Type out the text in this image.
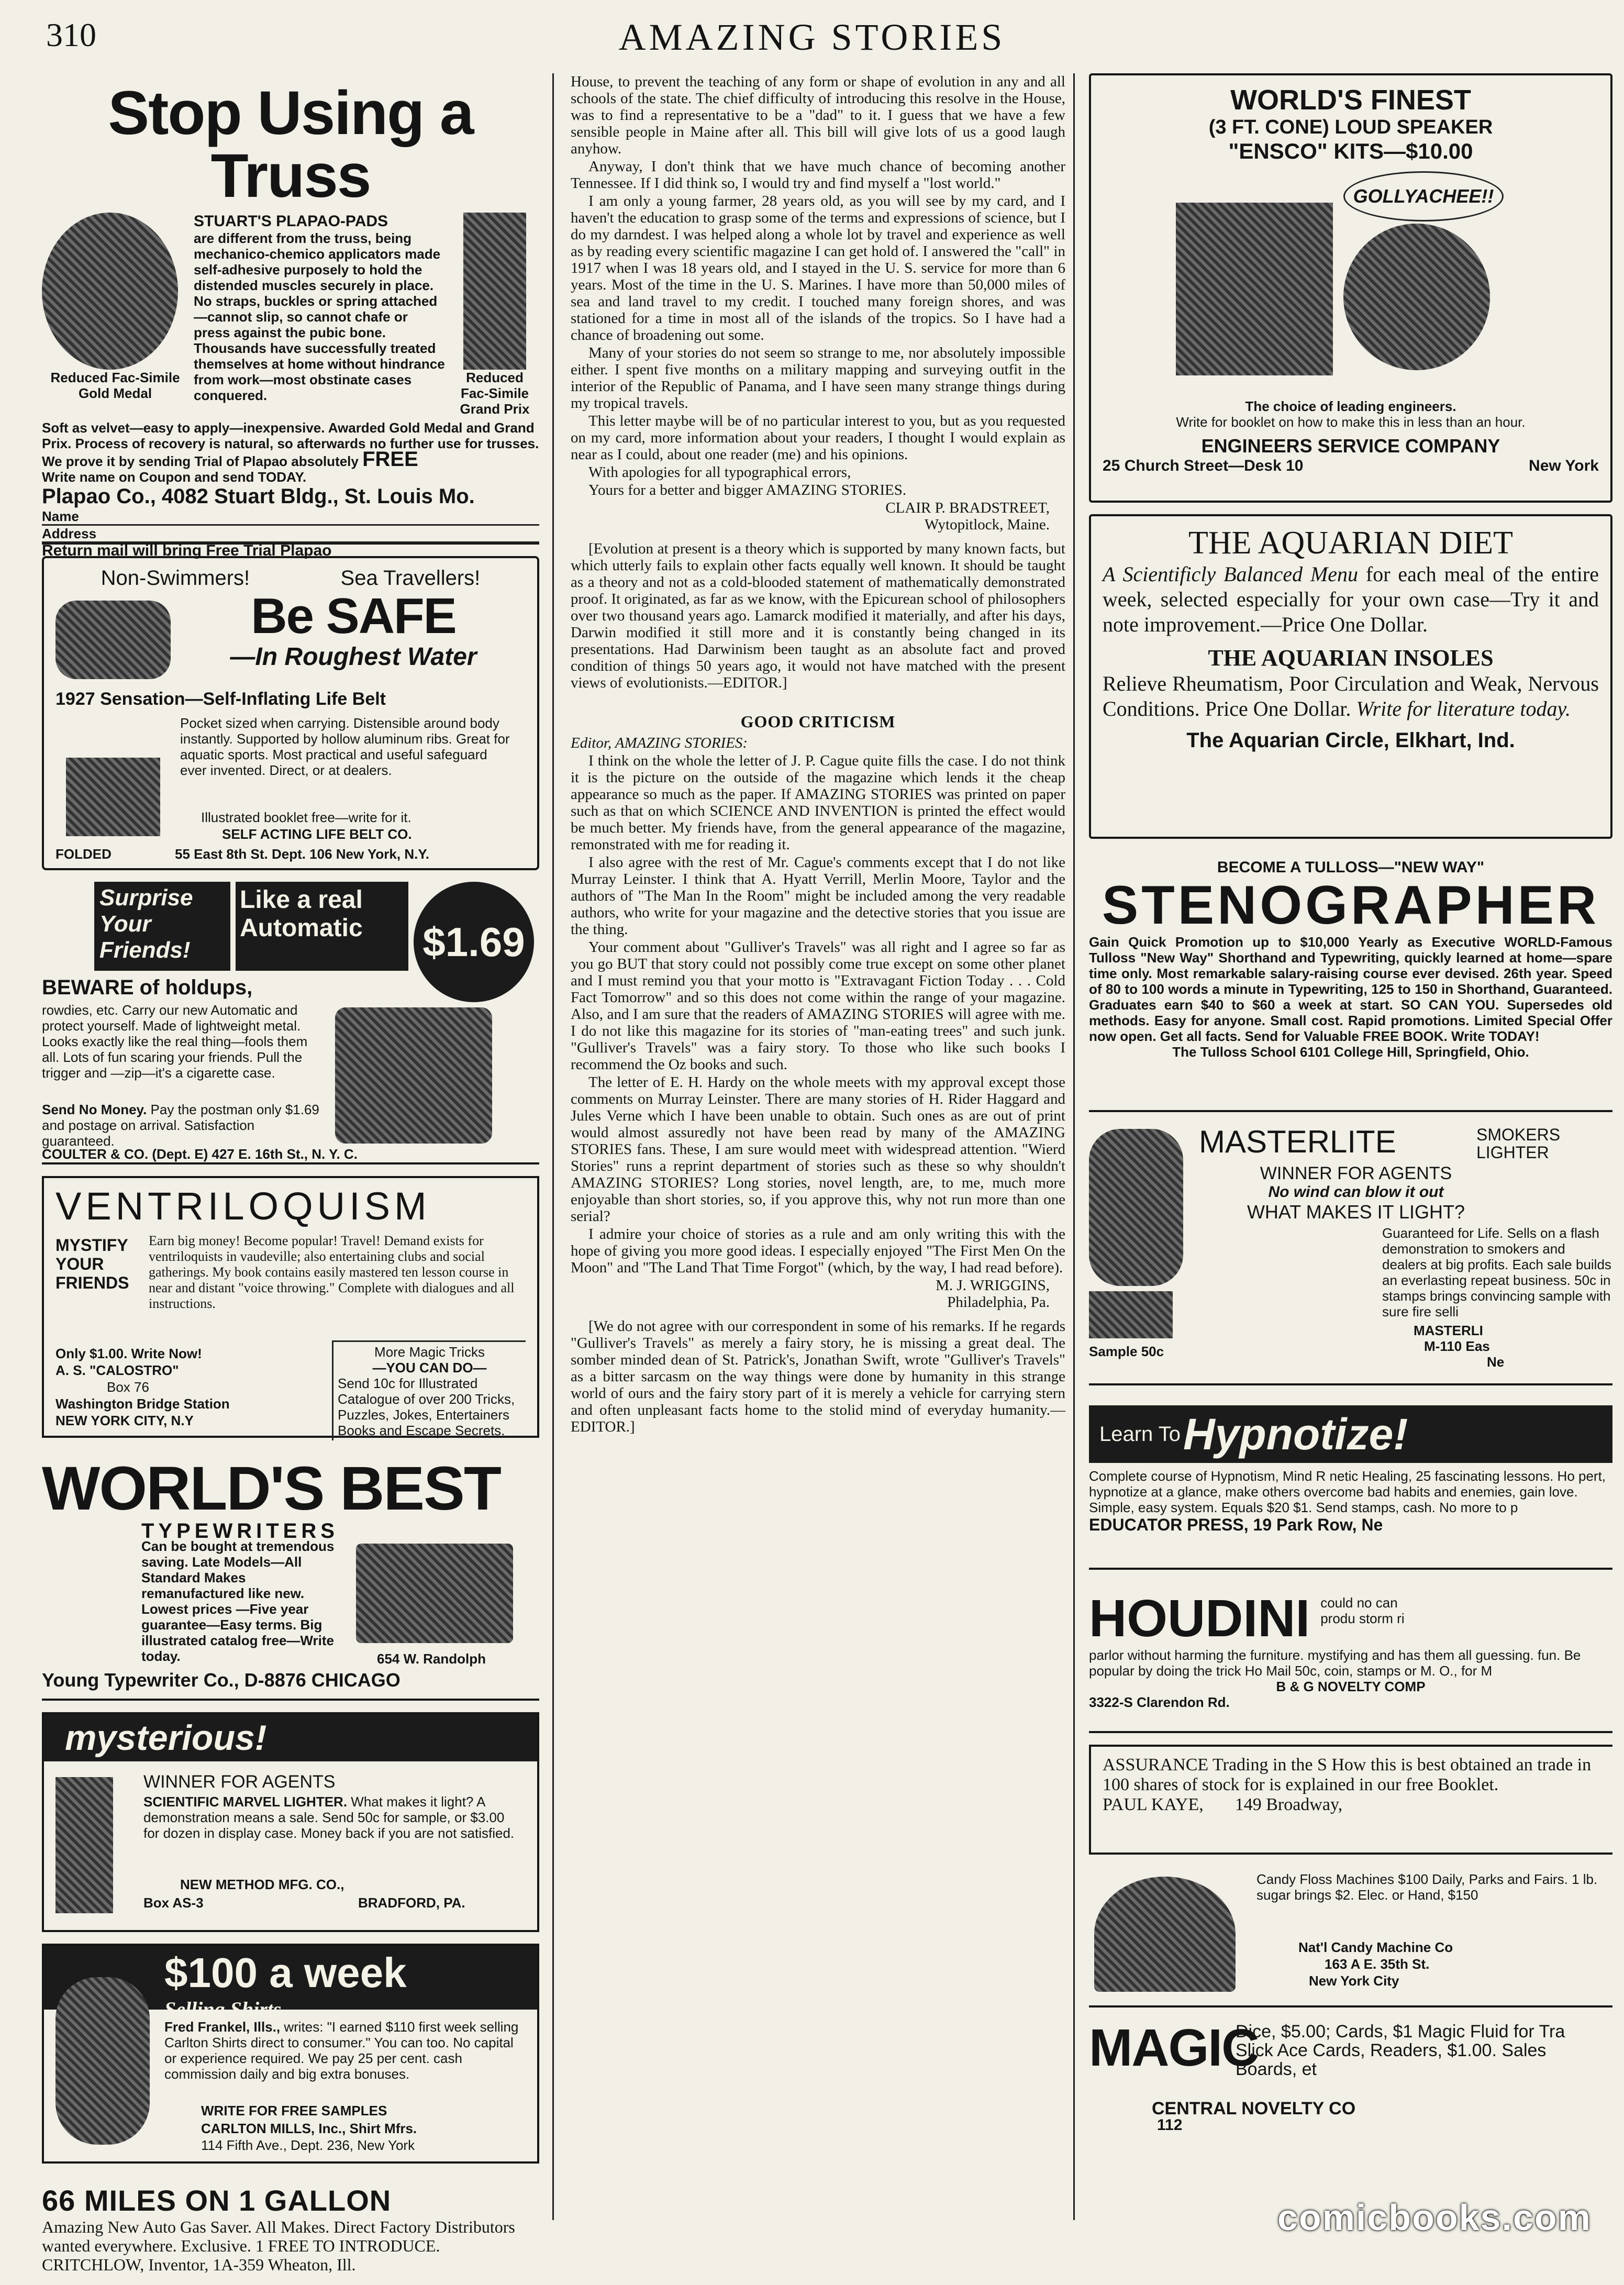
310	AMAZING STORIES
Stop Using a Truss
Reduced Fac-Simile Gold Medal
STUART'S PLAPAO-PADS
are different from the truss, being mechanico-chemico applicators made self-adhesive purposely to hold the distended muscles securely in place. No straps, buckles or spring attached —cannot slip, so cannot chafe or press against the pubic bone. Thousands have successfully treated themselves at home without hindrance from work—most obstinate cases conquered.
Reduced Fac-Simile Grand Prix
Soft as velvet—easy to apply—inexpensive. Awarded Gold Medal and Grand Prix. Process of recovery is natural, so afterwards no further use for trusses. We prove it by sending Trial of Plapao absolutely FREE
Write name on Coupon and send TODAY.
Plapao Co., 4082 Stuart Bldg., St. Louis Mo.
Name
Address
Return mail will bring Free Trial Plapao
Non-Swimmers!	Sea Travellers!
Be SAFE
—In Roughest Water
1927 Sensation—Self-Inflating Life Belt
Pocket sized when carrying. Distensible around body instantly. Supported by hollow aluminum ribs. Great for aquatic sports. Most practical and useful safeguard ever invented. Direct, or at dealers.
Illustrated booklet free—write for it.
SELF ACTING LIFE BELT CO.
FOLDED	55 East 8th St. Dept. 106 New York, N.Y.
Surprise Your Friends!
Like a real Automatic	$1.69
BEWARE of holdups,
rowdies, etc. Carry our new Automatic and protect yourself. Made of lightweight metal. Looks exactly like the real thing—fools them all. Lots of fun scaring your friends. Pull the trigger and —zip—it's a cigarette case.
Send No Money. Pay the postman only $1.69 and postage on arrival. Satisfaction guaranteed.
COULTER & CO. (Dept. E) 427 E. 16th St., N. Y. C.
VENTRILOQUISM
MYSTIFY YOUR FRIENDS
Earn big money! Become popular! Travel! Demand exists for ventriloquists in vaudeville; also entertaining clubs and social gatherings. My book contains easily mastered ten lesson course in near and distant "voice throwing." Complete with dialogues and all instructions.
Only $1.00. Write Now!
A. S. "CALOSTRO"
Box 76
Washington Bridge Station
NEW YORK CITY, N.Y
More Magic Tricks
—YOU CAN DO—
Send 10c for Illustrated Catalogue of over 200 Tricks, Puzzles, Jokes, Entertainers Books and Escape Secrets.
WORLD'S BEST
TYPEWRITERS
Can be bought at tremendous saving. Late Models—All Standard Makes remanufactured like new. Lowest prices —Five year guarantee—Easy terms. Big illustrated catalog free—Write today.	654 W. Randolph
Young Typewriter Co., D-8876 CHICAGO
mysterious!
WINNER FOR AGENTS
SCIENTIFIC MARVEL LIGHTER. What makes it light? A demonstration means a sale. Send 50c for sample, or $3.00 for dozen in display case. Money back if you are not satisfied.
NEW METHOD MFG. CO.,
Box AS-3	BRADFORD, PA.
$100 a week
Selling Shirts
Fred Frankel, Ills., writes: "I earned $110 first week selling Carlton Shirts direct to consumer." You can too. No capital or experience required. We pay 25 per cent. cash commission daily and big extra bonuses.
WRITE FOR FREE SAMPLES
CARLTON MILLS, Inc., Shirt Mfrs.
114 Fifth Ave., Dept. 236, New York
66 MILES ON 1 GALLON
Amazing New Auto Gas Saver. All Makes. Direct Factory Distributors wanted everywhere. Exclusive. 1 FREE TO INTRODUCE. CRITCHLOW, Inventor, 1A-359 Wheaton, Ill.

House, to prevent the teaching of any form or shape of evolution in any and all schools of the state. The chief difficulty of introducing this resolve in the House, was to find a representative to be a "dad" to it. I guess that we have a few sensible people in Maine after all. This bill will give lots of us a good laugh anyhow.

Anyway, I don't think that we have much chance of becoming another Tennessee. If I did think so, I would try and find myself a "lost world."

I am only a young farmer, 28 years old, as you will see by my card, and I haven't the education to grasp some of the terms and expressions of science, but I do my darndest. I was helped along a whole lot by travel and experience as well as by reading every scientific magazine I can get hold of. I answered the "call" in 1917 when I was 18 years old, and I stayed in the U. S. service for more than 6 years. Most of the time in the U. S. Marines. I have more than 50,000 miles of sea and land travel to my credit. I touched many foreign shores, and was stationed for a time in most all of the islands of the tropics. So I have had a chance of broadening out some.

Many of your stories do not seem so strange to me, nor absolutely impossible either. I spent five months on a military mapping and surveying outfit in the interior of the Republic of Panama, and I have seen many strange things during my tropical travels.

This letter maybe will be of no particular interest to you, but as you requested on my card, more information about your readers, I thought I would explain as near as I could, about one reader (me) and his opinions.

With apologies for all typographical errors,

Yours for a better and bigger AMAZING STORIES.

CLAIR P. BRADSTREET,
Wytopitlock, Maine.

[Evolution at present is a theory which is supported by many known facts, but which utterly fails to explain other facts equally well known. It should be taught as a theory and not as a cold-blooded statement of mathematically demonstrated proof. It originated, as far as we know, with the Epicurean school of philosophers over two thousand years ago. Lamarck modified it materially, and after his days, Darwin modified it still more and it is constantly being changed in its presentations. Had Darwinism been taught as an absolute fact and proved condition of things 50 years ago, it would not have matched with the present views of evolutionists.—EDITOR.]

GOOD CRITICISM

Editor, AMAZING STORIES:

I think on the whole the letter of J. P. Cague quite fills the case. I do not think it is the picture on the outside of the magazine which lends it the cheap appearance so much as the paper. If AMAZING STORIES was printed on paper such as that on which SCIENCE AND INVENTION is printed the effect would be much better. My friends have, from the general appearance of the magazine, remonstrated with me for reading it.

I also agree with the rest of Mr. Cague's comments except that I do not like Murray Leinster. I think that A. Hyatt Verrill, Merlin Moore, Taylor and the authors of "The Man In the Room" might be included among the very readable authors, who write for your magazine and the detective stories that you issue are the thing.

Your comment about "Gulliver's Travels" was all right and I agree so far as you go BUT that story could not possibly come true except on some other planet and I must remind you that your motto is "Extravagant Fiction Today . . . Cold Fact Tomorrow" and so this does not come within the range of your magazine. Also, and I am sure that the readers of AMAZING STORIES will agree with me. I do not like this magazine for its stories of "man-eating trees" and such junk. "Gulliver's Travels" was a fairy story. To those who like such books I recommend the Oz books and such.

The letter of E. H. Hardy on the whole meets with my approval except those comments on Murray Leinster. There are many stories of H. Rider Haggard and Jules Verne which I have been unable to obtain. Such ones as are out of print would almost assuredly not have been read by many of the AMAZING STORIES fans. These, I am sure would meet with widespread attention. "Wierd Stories" runs a reprint department of stories such as these so why shouldn't AMAZING STORIES? Long stories, novel length, are, to me, much more enjoyable than short stories, so, if you approve this, why not run more than one serial?

I admire your choice of stories as a rule and am only writing this with the hope of giving you more good ideas. I especially enjoyed "The First Men On the Moon" and "The Land That Time Forgot" (which, by the way, I had read before).

M. J. WRIGGINS,
Philadelphia, Pa.

[We do not agree with our correspondent in some of his remarks. If he regards "Gulliver's Travels" as merely a fairy story, he is missing a great deal. The somber minded dean of St. Patrick's, Jonathan Swift, wrote "Gulliver's Travels" as a bitter sarcasm on the way things were done by humanity in this strange world of ours and the fairy story part of it is merely a vehicle for carrying stern and often unpleasant facts home to the stolid mind of everyday humanity.—EDITOR.]

WORLD'S FINEST
(3 FT. CONE) LOUD SPEAKER
"ENSCO" KITS—$10.00
GOLLYACHEE!!
The choice of leading engineers.
Write for booklet on how to make this in less than an hour.
ENGINEERS SERVICE COMPANY
25 Church Street—Desk 10	New York
THE AQUARIAN DIET
A Scientificly Balanced Menu for each meal of the entire week, selected especially for your own case—Try it and note improvement.—Price One Dollar.
THE AQUARIAN INSOLES
Relieve Rheumatism, Poor Circulation and Weak, Nervous Conditions. Price One Dollar. Write for literature today.
The Aquarian Circle, Elkhart, Ind.
BECOME A TULLOSS—"NEW WAY"
STENOGRAPHER
Gain Quick Promotion up to $10,000 Yearly as Executive WORLD-Famous Tulloss "New Way" Shorthand and Typewriting, quickly learned at home—spare time only. Most remarkable salary-raising course ever devised. 26th year. Speed of 80 to 100 words a minute in Typewriting, 125 to 150 in Shorthand, Guaranteed. Graduates earn $40 to $60 a week at start. SO CAN YOU. Supersedes old methods. Easy for anyone. Small cost. Rapid promotions. Limited Special Offer now open. Get all facts. Send for Valuable FREE BOOK. Write TODAY!
The Tulloss School 6101 College Hill, Springfield, Ohio.
MASTERLITE	SMOKERS LIGHTER
WINNER FOR AGENTS
No wind can blow it out
WHAT MAKES IT LIGHT?
Guaranteed for Life. Sells on a flash demonstration to smokers and dealers at big profits. Each sale builds an everlasting repeat business. 50c in stamps brings convincing sample with sure fire selli
Sample 50c
MASTERLI
M-110 Eas
Ne
Learn To Hypnotize!
Complete course of Hypnotism, Mind R netic Healing, 25 fascinating lessons. Ho pert, hypnotize at a glance, make others overcome bad habits and enemies, gain love. Simple, easy system. Equals $20 $1. Send stamps, cash. No more to p
EDUCATOR PRESS, 19 Park Row, Ne
HOUDINI could no can produ storm ri
parlor without harming the furniture. mystifying and has them all guessing. fun. Be popular by doing the trick Ho Mail 50c, coin, stamps or M. O., for M
B & G NOVELTY COMP
3322-S Clarendon Rd.
ASSURANCE Trading in the S How this is best obtained an trade in 100 shares of stock for is explained in our free Booklet.
PAUL KAYE, 149 Broadway,
Candy Floss Machines $100 Daily, Parks and Fairs. 1 lb. sugar brings $2. Elec. or Hand, $150
Nat'l Candy Machine Co
163 A E. 35th St.
New York City
MAGIC
Dice, $5.00; Cards, $1 Magic Fluid for Tra Slick Ace Cards, Readers, $1.00. Sales Boards, et
CENTRAL NOVELTY CO
112
comicbooks.com
